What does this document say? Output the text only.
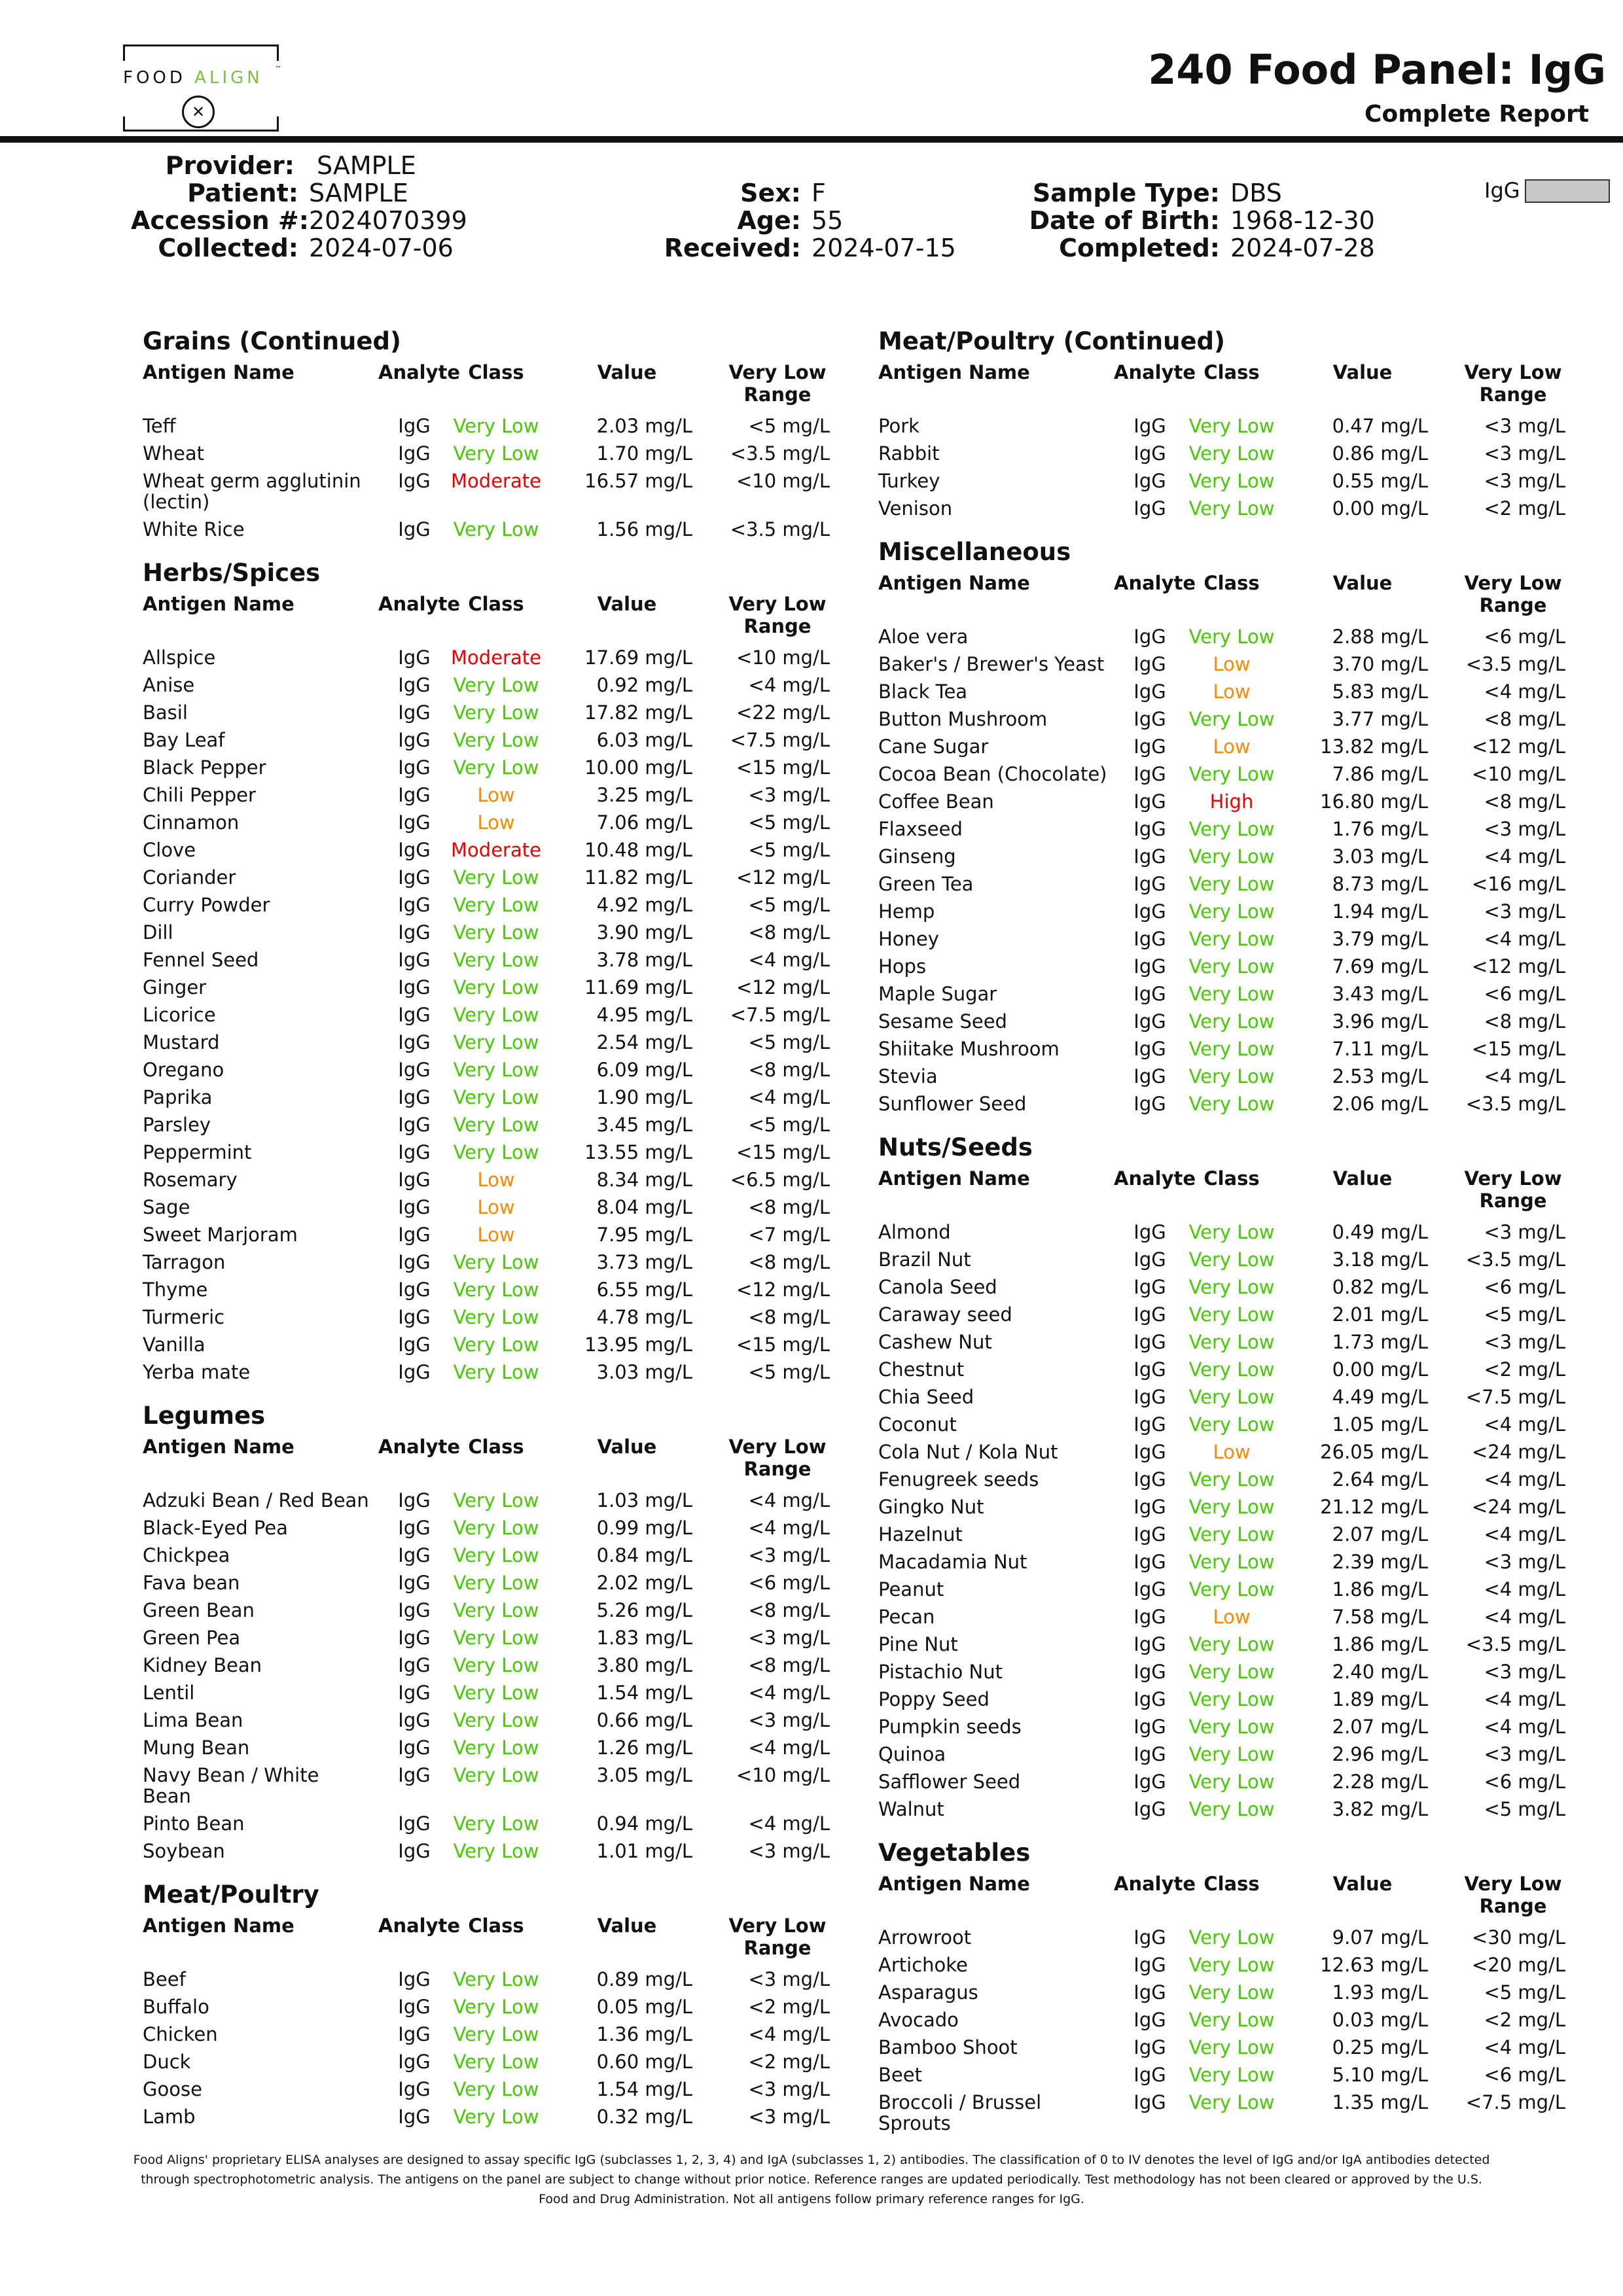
FOOD ALIGN	™
✕
240 Food Panel: IgG
Complete Report
Provider: SAMPLE
Patient: SAMPLE
Accession #:2024070399
Collected: 2024-07-06
Sex: F
Age: 55
Received: 2024-07-15
Sample Type: DBS
Date of Birth: 1968-12-30
Completed: 2024-07-28
IgG
Grains (Continued)
Antigen Name	Analyte	Class	Value	Very Low
Range

Teff	IgG	Very Low	2.03 mg/L	<5 mg/L
Wheat	IgG	Very Low	1.70 mg/L	<3.5 mg/L
Wheat germ agglutinin (lectin)	IgG	Moderate	16.57 mg/L	<10 mg/L
White Rice	IgG	Very Low	1.56 mg/L	<3.5 mg/L
Herbs/Spices
Antigen Name	Analyte	Class	Value	Very Low
Range

Allspice	IgG	Moderate	17.69 mg/L	<10 mg/L
Anise	IgG	Very Low	0.92 mg/L	<4 mg/L
Basil	IgG	Very Low	17.82 mg/L	<22 mg/L
Bay Leaf	IgG	Very Low	6.03 mg/L	<7.5 mg/L
Black Pepper	IgG	Very Low	10.00 mg/L	<15 mg/L
Chili Pepper	IgG	Low	3.25 mg/L	<3 mg/L
Cinnamon	IgG	Low	7.06 mg/L	<5 mg/L
Clove	IgG	Moderate	10.48 mg/L	<5 mg/L
Coriander	IgG	Very Low	11.82 mg/L	<12 mg/L
Curry Powder	IgG	Very Low	4.92 mg/L	<5 mg/L
Dill	IgG	Very Low	3.90 mg/L	<8 mg/L
Fennel Seed	IgG	Very Low	3.78 mg/L	<4 mg/L
Ginger	IgG	Very Low	11.69 mg/L	<12 mg/L
Licorice	IgG	Very Low	4.95 mg/L	<7.5 mg/L
Mustard	IgG	Very Low	2.54 mg/L	<5 mg/L
Oregano	IgG	Very Low	6.09 mg/L	<8 mg/L
Paprika	IgG	Very Low	1.90 mg/L	<4 mg/L
Parsley	IgG	Very Low	3.45 mg/L	<5 mg/L
Peppermint	IgG	Very Low	13.55 mg/L	<15 mg/L
Rosemary	IgG	Low	8.34 mg/L	<6.5 mg/L
Sage	IgG	Low	8.04 mg/L	<8 mg/L
Sweet Marjoram	IgG	Low	7.95 mg/L	<7 mg/L
Tarragon	IgG	Very Low	3.73 mg/L	<8 mg/L
Thyme	IgG	Very Low	6.55 mg/L	<12 mg/L
Turmeric	IgG	Very Low	4.78 mg/L	<8 mg/L
Vanilla	IgG	Very Low	13.95 mg/L	<15 mg/L
Yerba mate	IgG	Very Low	3.03 mg/L	<5 mg/L
Legumes
Antigen Name	Analyte	Class	Value	Very Low
Range

Adzuki Bean / Red Bean	IgG	Very Low	1.03 mg/L	<4 mg/L
Black-Eyed Pea	IgG	Very Low	0.99 mg/L	<4 mg/L
Chickpea	IgG	Very Low	0.84 mg/L	<3 mg/L
Fava bean	IgG	Very Low	2.02 mg/L	<6 mg/L
Green Bean	IgG	Very Low	5.26 mg/L	<8 mg/L
Green Pea	IgG	Very Low	1.83 mg/L	<3 mg/L
Kidney Bean	IgG	Very Low	3.80 mg/L	<8 mg/L
Lentil	IgG	Very Low	1.54 mg/L	<4 mg/L
Lima Bean	IgG	Very Low	0.66 mg/L	<3 mg/L
Mung Bean	IgG	Very Low	1.26 mg/L	<4 mg/L
Navy Bean / White Bean	IgG	Very Low	3.05 mg/L	<10 mg/L
Pinto Bean	IgG	Very Low	0.94 mg/L	<4 mg/L
Soybean	IgG	Very Low	1.01 mg/L	<3 mg/L
Meat/Poultry
Antigen Name	Analyte	Class	Value	Very Low
Range

Beef	IgG	Very Low	0.89 mg/L	<3 mg/L
Buffalo	IgG	Very Low	0.05 mg/L	<2 mg/L
Chicken	IgG	Very Low	1.36 mg/L	<4 mg/L
Duck	IgG	Very Low	0.60 mg/L	<2 mg/L
Goose	IgG	Very Low	1.54 mg/L	<3 mg/L
Lamb	IgG	Very Low	0.32 mg/L	<3 mg/L
Meat/Poultry (Continued)
Antigen Name	Analyte	Class	Value	Very Low
Range

Pork	IgG	Very Low	0.47 mg/L	<3 mg/L
Rabbit	IgG	Very Low	0.86 mg/L	<3 mg/L
Turkey	IgG	Very Low	0.55 mg/L	<3 mg/L
Venison	IgG	Very Low	0.00 mg/L	<2 mg/L
Miscellaneous
Antigen Name	Analyte	Class	Value	Very Low
Range

Aloe vera	IgG	Very Low	2.88 mg/L	<6 mg/L
Baker's / Brewer's Yeast	IgG	Low	3.70 mg/L	<3.5 mg/L
Black Tea	IgG	Low	5.83 mg/L	<4 mg/L
Button Mushroom	IgG	Very Low	3.77 mg/L	<8 mg/L
Cane Sugar	IgG	Low	13.82 mg/L	<12 mg/L
Cocoa Bean (Chocolate)	IgG	Very Low	7.86 mg/L	<10 mg/L
Coffee Bean	IgG	High	16.80 mg/L	<8 mg/L
Flaxseed	IgG	Very Low	1.76 mg/L	<3 mg/L
Ginseng	IgG	Very Low	3.03 mg/L	<4 mg/L
Green Tea	IgG	Very Low	8.73 mg/L	<16 mg/L
Hemp	IgG	Very Low	1.94 mg/L	<3 mg/L
Honey	IgG	Very Low	3.79 mg/L	<4 mg/L
Hops	IgG	Very Low	7.69 mg/L	<12 mg/L
Maple Sugar	IgG	Very Low	3.43 mg/L	<6 mg/L
Sesame Seed	IgG	Very Low	3.96 mg/L	<8 mg/L
Shiitake Mushroom	IgG	Very Low	7.11 mg/L	<15 mg/L
Stevia	IgG	Very Low	2.53 mg/L	<4 mg/L
Sunflower Seed	IgG	Very Low	2.06 mg/L	<3.5 mg/L
Nuts/Seeds
Antigen Name	Analyte	Class	Value	Very Low
Range

Almond	IgG	Very Low	0.49 mg/L	<3 mg/L
Brazil Nut	IgG	Very Low	3.18 mg/L	<3.5 mg/L
Canola Seed	IgG	Very Low	0.82 mg/L	<6 mg/L
Caraway seed	IgG	Very Low	2.01 mg/L	<5 mg/L
Cashew Nut	IgG	Very Low	1.73 mg/L	<3 mg/L
Chestnut	IgG	Very Low	0.00 mg/L	<2 mg/L
Chia Seed	IgG	Very Low	4.49 mg/L	<7.5 mg/L
Coconut	IgG	Very Low	1.05 mg/L	<4 mg/L
Cola Nut / Kola Nut	IgG	Low	26.05 mg/L	<24 mg/L
Fenugreek seeds	IgG	Very Low	2.64 mg/L	<4 mg/L
Gingko Nut	IgG	Very Low	21.12 mg/L	<24 mg/L
Hazelnut	IgG	Very Low	2.07 mg/L	<4 mg/L
Macadamia Nut	IgG	Very Low	2.39 mg/L	<3 mg/L
Peanut	IgG	Very Low	1.86 mg/L	<4 mg/L
Pecan	IgG	Low	7.58 mg/L	<4 mg/L
Pine Nut	IgG	Very Low	1.86 mg/L	<3.5 mg/L
Pistachio Nut	IgG	Very Low	2.40 mg/L	<3 mg/L
Poppy Seed	IgG	Very Low	1.89 mg/L	<4 mg/L
Pumpkin seeds	IgG	Very Low	2.07 mg/L	<4 mg/L
Quinoa	IgG	Very Low	2.96 mg/L	<3 mg/L
Safflower Seed	IgG	Very Low	2.28 mg/L	<6 mg/L
Walnut	IgG	Very Low	3.82 mg/L	<5 mg/L
Vegetables
Antigen Name	Analyte	Class	Value	Very Low
Range

Arrowroot	IgG	Very Low	9.07 mg/L	<30 mg/L
Artichoke	IgG	Very Low	12.63 mg/L	<20 mg/L
Asparagus	IgG	Very Low	1.93 mg/L	<5 mg/L
Avocado	IgG	Very Low	0.03 mg/L	<2 mg/L
Bamboo Shoot	IgG	Very Low	0.25 mg/L	<4 mg/L
Beet	IgG	Very Low	5.10 mg/L	<6 mg/L
Broccoli / Brussel Sprouts	IgG	Very Low	1.35 mg/L	<7.5 mg/L
Food Aligns' proprietary ELISA analyses are designed to assay specific IgG (subclasses 1, 2, 3, 4) and IgA (subclasses 1, 2) antibodies. The classification of 0 to IV denotes the level of IgG and/or IgA antibodies detected
through spectrophotometric analysis. The antigens on the panel are subject to change without prior notice. Reference ranges are updated periodically. Test methodology has not been cleared or approved by the U.S.
Food and Drug Administration. Not all antigens follow primary reference ranges for IgG.
